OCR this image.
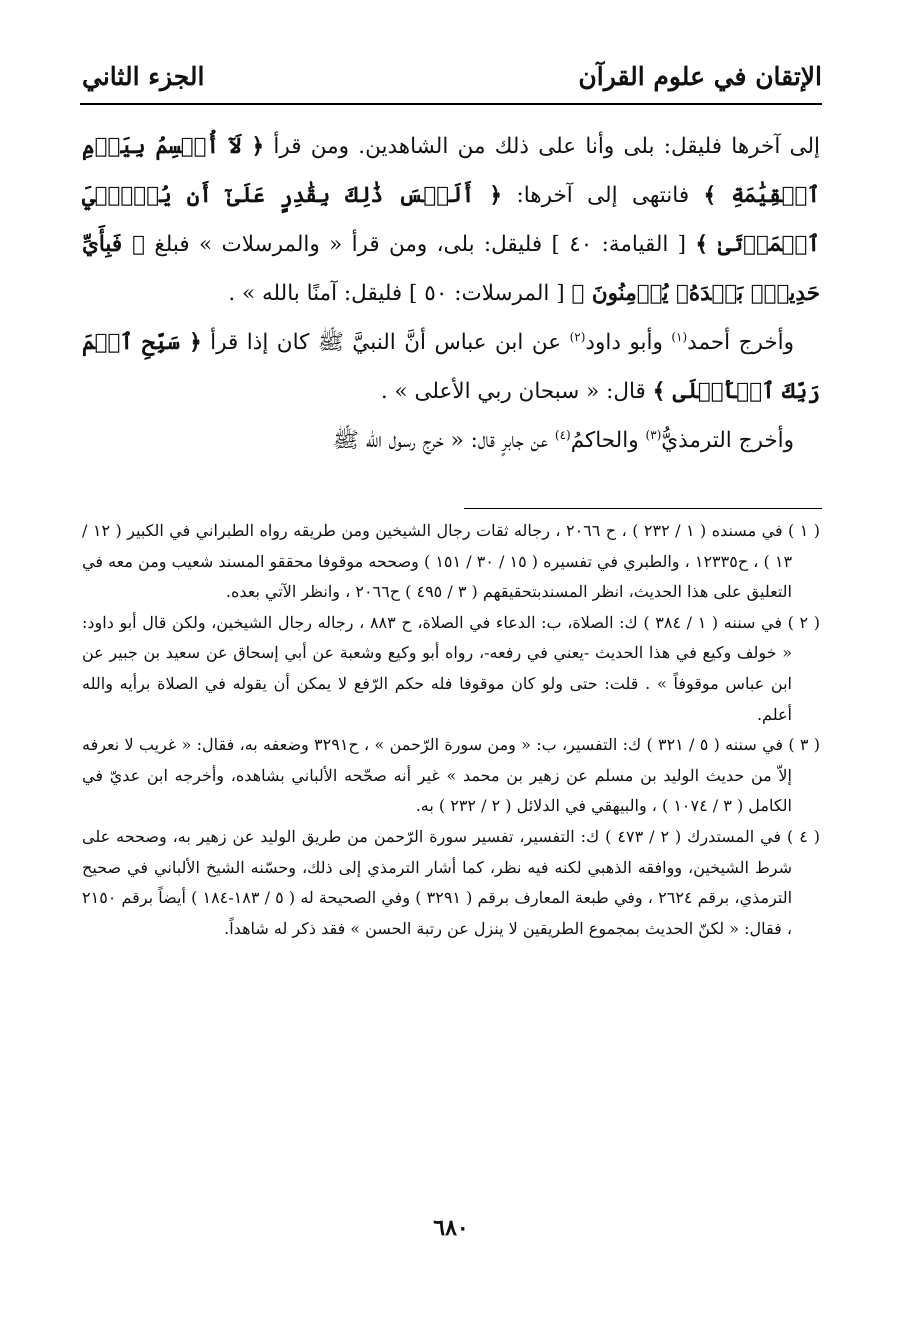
الإتقان في علوم القرآن
الجزء الثاني

إلى آخرها فليقل: بلى وأنا على ذلك من الشاهدين. ومن قرأ ﴿ لَآ أُقۡسِمُ بِيَوۡمِ ٱلۡقِيَٰمَةِ ﴾ فانتهى إلى آخرها: ﴿ أَلَيۡسَ ذَٰلِكَ بِقَٰدِرٍ عَلَىٰٓ أَن يُحۡـِۧيَ ٱلۡمَوۡتَىٰ ﴾ [ القيامة: ٤٠ ] فليقل: بلى، ومن قرأ « والمرسلات » فبلغ ﴿ فَبِأَيِّ حَدِيثِۢ بَعۡدَهُۥ يُؤۡمِنُونَ ﴾ [ المرسلات: ٥٠ ] فليقل: آمنًا بالله » .

وأخرج أحمد$^{(١)}$ وأبو داود$^{(٢)}$ عن ابن عباس أنَّ النبيَّ ﷺ كان إذا قرأ ﴿ سَبِّحِ ٱسۡمَ رَبِّكَ ٱلۡأَعۡلَى ﴾ قال: « سبحان ربي الأعلى » .

وأخرج الترمذيُّ$^{(٣)}$ والحاكمُ$^{(٤)}$ عن جابرٍ قال: « خرج رسول الله ﷺ

( ١ ) في مسنده ( ١ / ٢٣٢ ) ، ح ٢٠٦٦ ، رجاله ثقات رجال الشيخين ومن طريقه رواه الطبراني في الكبير ( ١٢ / ١٣ ) ، ح١٢٣٣٥ ، والطبري في تفسيره ( ١٥ / ٣٠ / ١٥١ ) وصححه موقوفا محققو المسند شعيب ومن معه في التعليق على هذا الحديث، انظر المسندبتحقيقهم ( ٣ / ٤٩٥ ) ح٢٠٦٦ ، وانظر الآتي بعده.

( ٢ ) في سننه ( ١ / ٣٨٤ ) ك: الصلاة، ب: الدعاء في الصلاة، ح ٨٨٣ ، رجاله رجال الشيخين، ولكن قال أبو داود: « خولف وكيع في هذا الحديث -يعني في رفعه-، رواه أبو وكيع وشعبة عن أبي إسحاق عن سعيد بن جبير عن ابن عباس موقوفاً » . قلت: حتى ولو كان موقوفا فله حكم الرّفع لا يمكن أن يقوله في الصلاة برأيه والله أعلم.

( ٣ ) في سننه ( ٥ / ٣٢١ ) ك: التفسير، ب: « ومن سورة الرّحمن » ، ح٣٢٩١ وضعفه به، فقال: « غريب لا نعرفه إلاّ من حديث الوليد بن مسلم عن زهير بن محمد » غير أنه صحّحه الألباني بشاهده، وأخرجه ابن عديّ في الكامل ( ٣ / ١٠٧٤ ) ، والبيهقي في الدلائل ( ٢ / ٢٣٢ ) به.

( ٤ ) في المستدرك ( ٢ / ٤٧٣ ) ك: التفسير، تفسير سورة الرّحمن من طريق الوليد عن زهير به، وصححه على شرط الشيخين، ووافقه الذهبي لكنه فيه نظر، كما أشار الترمذي إلى ذلك، وحسّنه الشيخ الألباني في صحيح الترمذي، برقم ٢٦٢٤ ، وفي طبعة المعارف برقم ( ٣٢٩١ ) وفي الصحيحة له ( ٥ / ١٨٣-١٨٤ ) أيضاً برقم ٢١٥٠ ، فقال: « لكنّ الحديث بمجموع الطريقين لا ينزل عن رتبة الحسن » فقد ذكر له شاهداً.

٦٨٠
